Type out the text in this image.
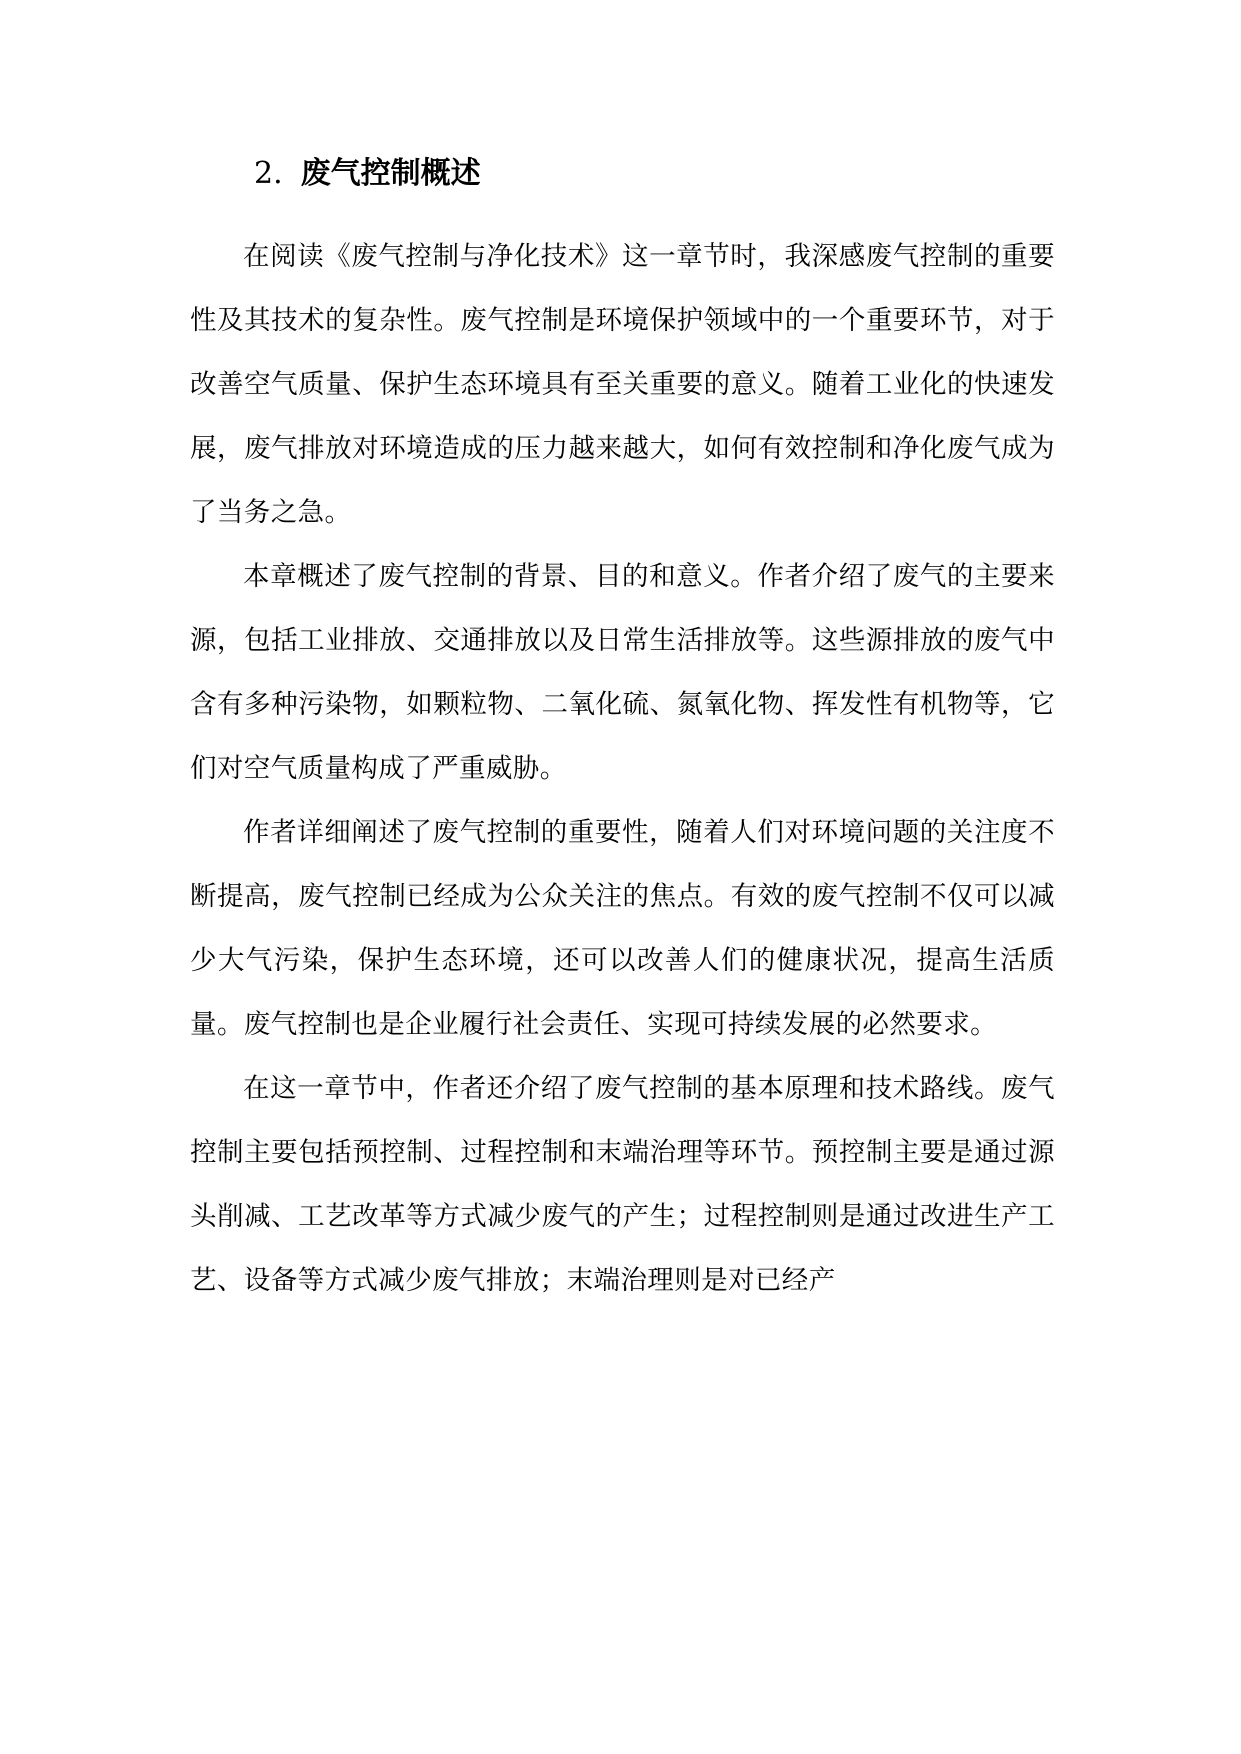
2. 废气控制概述

在阅读《废气控制与净化技术》这一章节时，我深感废气控制的重要性及其技术的复杂性。废气控制是环境保护领域中的一个重要环节，对于改善空气质量、保护生态环境具有至关重要的意义。随着工业化的快速发展，废气排放对环境造成的压力越来越大，如何有效控制和净化废气成为了当务之急。

本章概述了废气控制的背景、目的和意义。作者介绍了废气的主要来源，包括工业排放、交通排放以及日常生活排放等。这些源排放的废气中含有多种污染物，如颗粒物、二氧化硫、氮氧化物、挥发性有机物等，它们对空气质量构成了严重威胁。

作者详细阐述了废气控制的重要性，随着人们对环境问题的关注度不断提高，废气控制已经成为公众关注的焦点。有效的废气控制不仅可以减少大气污染，保护生态环境，还可以改善人们的健康状况，提高生活质量。废气控制也是企业履行社会责任、实现可持续发展的必然要求。

在这一章节中，作者还介绍了废气控制的基本原理和技术路线。废气控制主要包括预控制、过程控制和末端治理等环节。预控制主要是通过源头削减、工艺改革等方式减少废气的产生；过程控制则是通过改进生产工艺、设备等方式减少废气排放；末端治理则是对已经产
